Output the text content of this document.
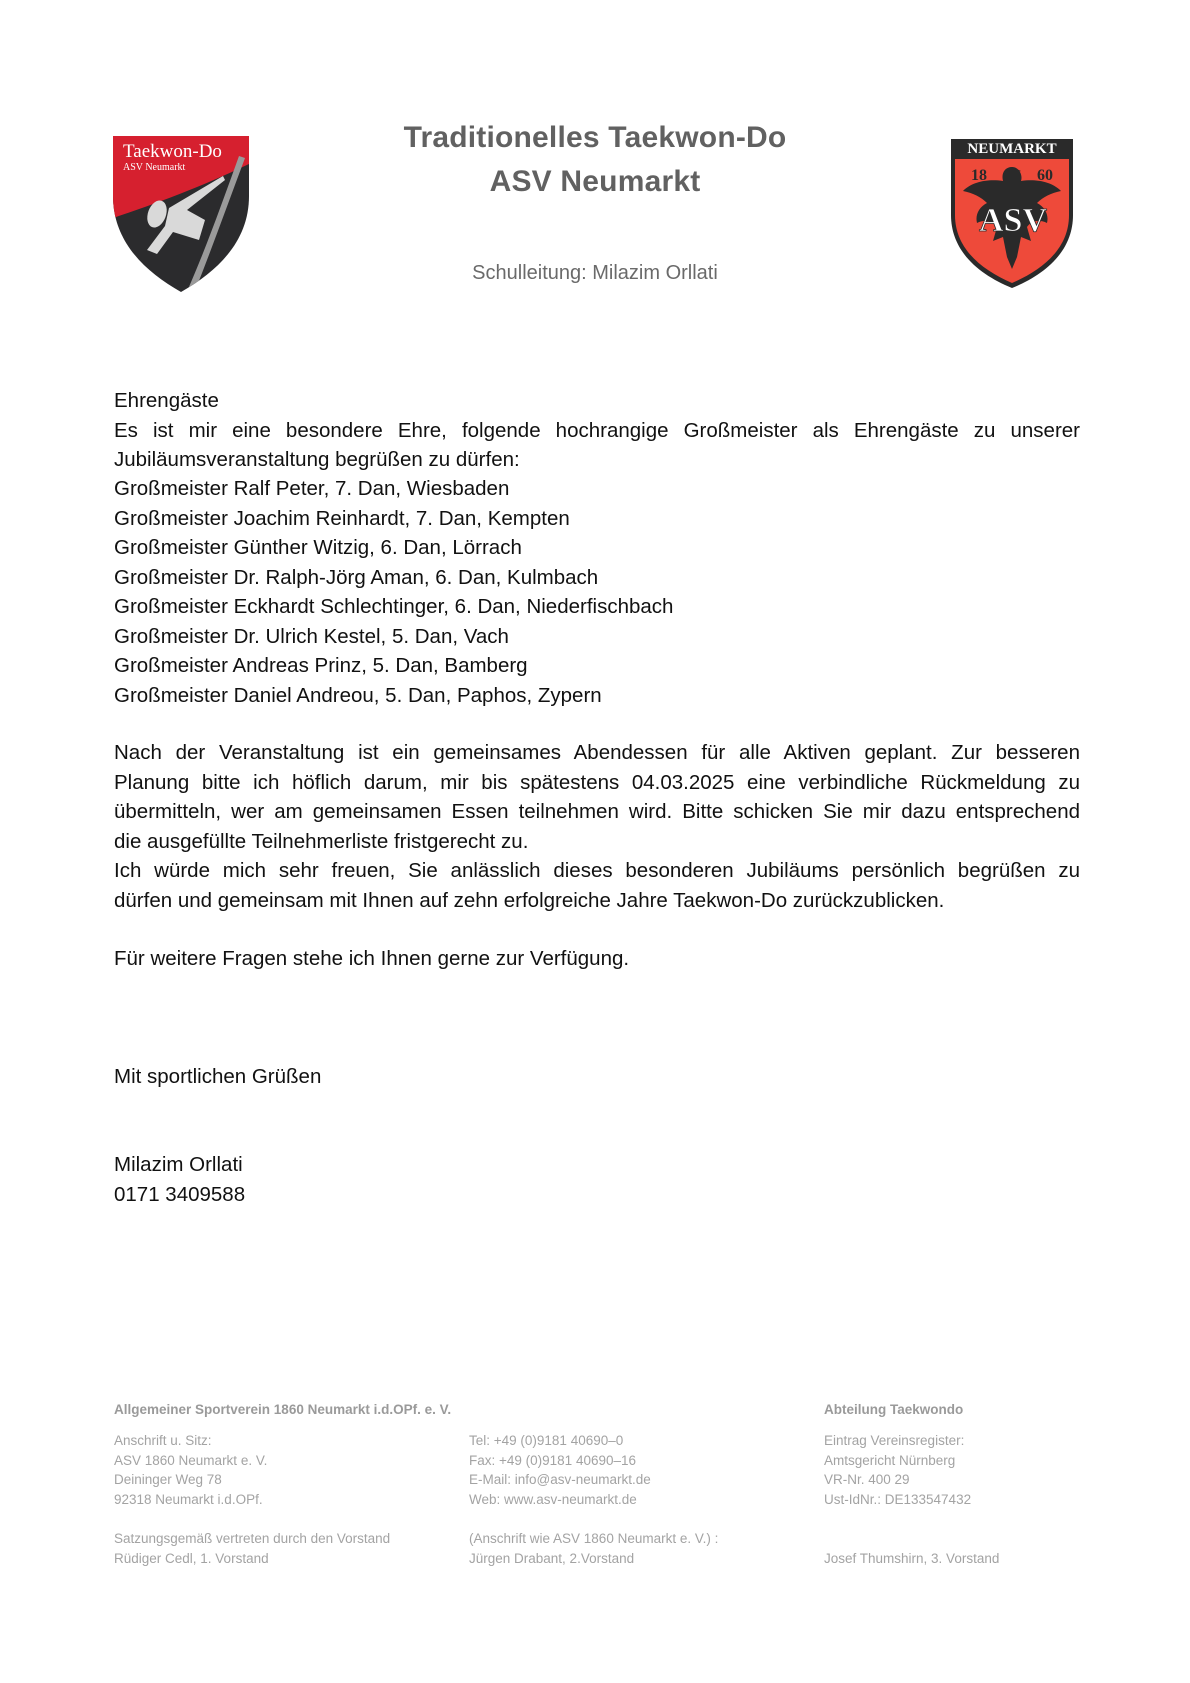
Taekwon-Do
ASV Neumarkt
Traditionelles Taekwon-Do
ASV Neumarkt
Schulleitung: Milazim Orllati
NEUMARKT
18	60
ASV

Ehrengäste

Es ist mir eine besondere Ehre, folgende hochrangige Großmeister als Ehrengäste zu unserer

Jubiläumsveranstaltung begrüßen zu dürfen:

Großmeister Ralf Peter, 7. Dan, Wiesbaden

Großmeister Joachim Reinhardt, 7. Dan, Kempten

Großmeister Günther Witzig, 6. Dan, Lörrach

Großmeister Dr. Ralph-Jörg Aman, 6. Dan, Kulmbach

Großmeister Eckhardt Schlechtinger, 6. Dan, Niederfischbach

Großmeister Dr. Ulrich Kestel, 5. Dan, Vach

Großmeister Andreas Prinz, 5. Dan, Bamberg

Großmeister Daniel Andreou, 5. Dan, Paphos, Zypern

Nach der Veranstaltung ist ein gemeinsames Abendessen für alle Aktiven geplant. Zur besseren

Planung bitte ich höflich darum, mir bis spätestens 04.03.2025 eine verbindliche Rückmeldung zu

übermitteln, wer am gemeinsamen Essen teilnehmen wird. Bitte schicken Sie mir dazu entsprechend

die ausgefüllte Teilnehmerliste fristgerecht zu.

Ich würde mich sehr freuen, Sie anlässlich dieses besonderen Jubiläums persönlich begrüßen zu

dürfen und gemeinsam mit Ihnen auf zehn erfolgreiche Jahre Taekwon-Do zurückzublicken.

Für weitere Fragen stehe ich Ihnen gerne zur Verfügung.
Mit sportlichen Grüßen

Milazim Orllati

0171 3409588

Allgemeiner Sportverein 1860 Neumarkt i.d.OPf. e. V.	Abteilung Taekwondo
Anschrift u. Sitz:
ASV 1860 Neumarkt e. V.
Deininger Weg 78
92318 Neumarkt i.d.OPf.
Tel: +49 (0)9181 40690–0
Fax: +49 (0)9181 40690–16
E-Mail: info@asv-neumarkt.de
Web: www.asv-neumarkt.de
Eintrag Vereinsregister:
Amtsgericht Nürnberg
VR-Nr. 400 29
Ust-IdNr.: DE133547432
Satzungsgemäß vertreten durch den Vorstand
Rüdiger Cedl, 1. Vorstand
(Anschrift wie ASV 1860 Neumarkt e. V.) :
Jürgen Drabant, 2.Vorstand	Josef Thumshirn, 3. Vorstand
